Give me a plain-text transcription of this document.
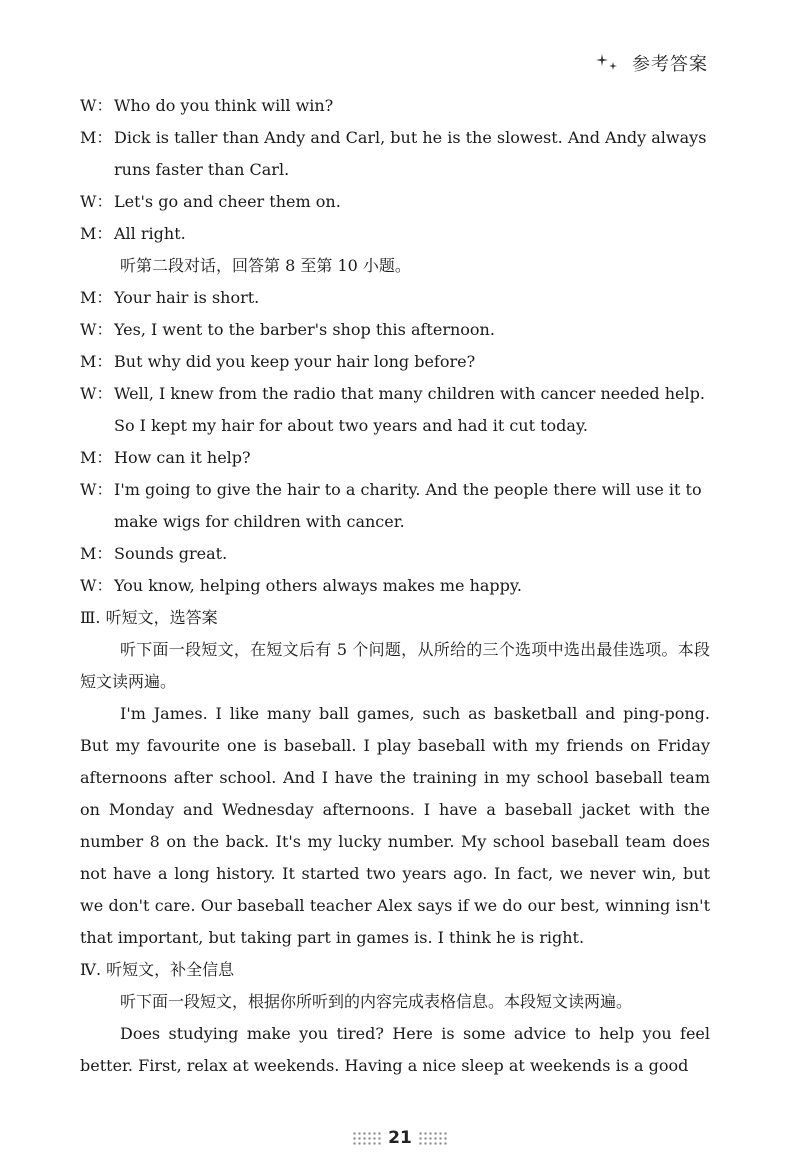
参考答案
W： Who do you think will win?
M： Dick is taller than Andy and Carl, but he is the slowest. And Andy always runs faster than Carl.
W： Let's go and cheer them on.
M： All right.
听第二段对话，回答第 8 至第 10 小题。
M： Your hair is short.
W： Yes, I went to the barber's shop this afternoon.
M： But why did you keep your hair long before?
W： Well, I knew from the radio that many children with cancer needed help. So I kept my hair for about two years and had it cut today.
M： How can it help?
W： I'm going to give the hair to a charity. And the people there will use it to make wigs for children with cancer.
M： Sounds great.
W： You know, helping others always makes me happy.
Ⅲ. 听短文，选答案
听下面一段短文，在短文后有 5 个问题，从所给的三个选项中选出最佳选项。本段短文读两遍。
I'm James. I like many ball games, such as basketball and ping-pong. But my favourite one is baseball. I play baseball with my friends on Friday afternoons after school. And I have the training in my school baseball team on Monday and Wednesday afternoons. I have a baseball jacket with the number 8 on the back. It's my lucky number. My school baseball team does not have a long history. It started two years ago. In fact, we never win, but we don't care. Our baseball teacher Alex says if we do our best, winning isn't that important, but taking part in games is. I think he is right.
Ⅳ. 听短文，补全信息
听下面一段短文，根据你所听到的内容完成表格信息。本段短文读两遍。
Does studying make you tired? Here is some advice to help you feel better. First, relax at weekends. Having a nice sleep at weekends is a good
21
